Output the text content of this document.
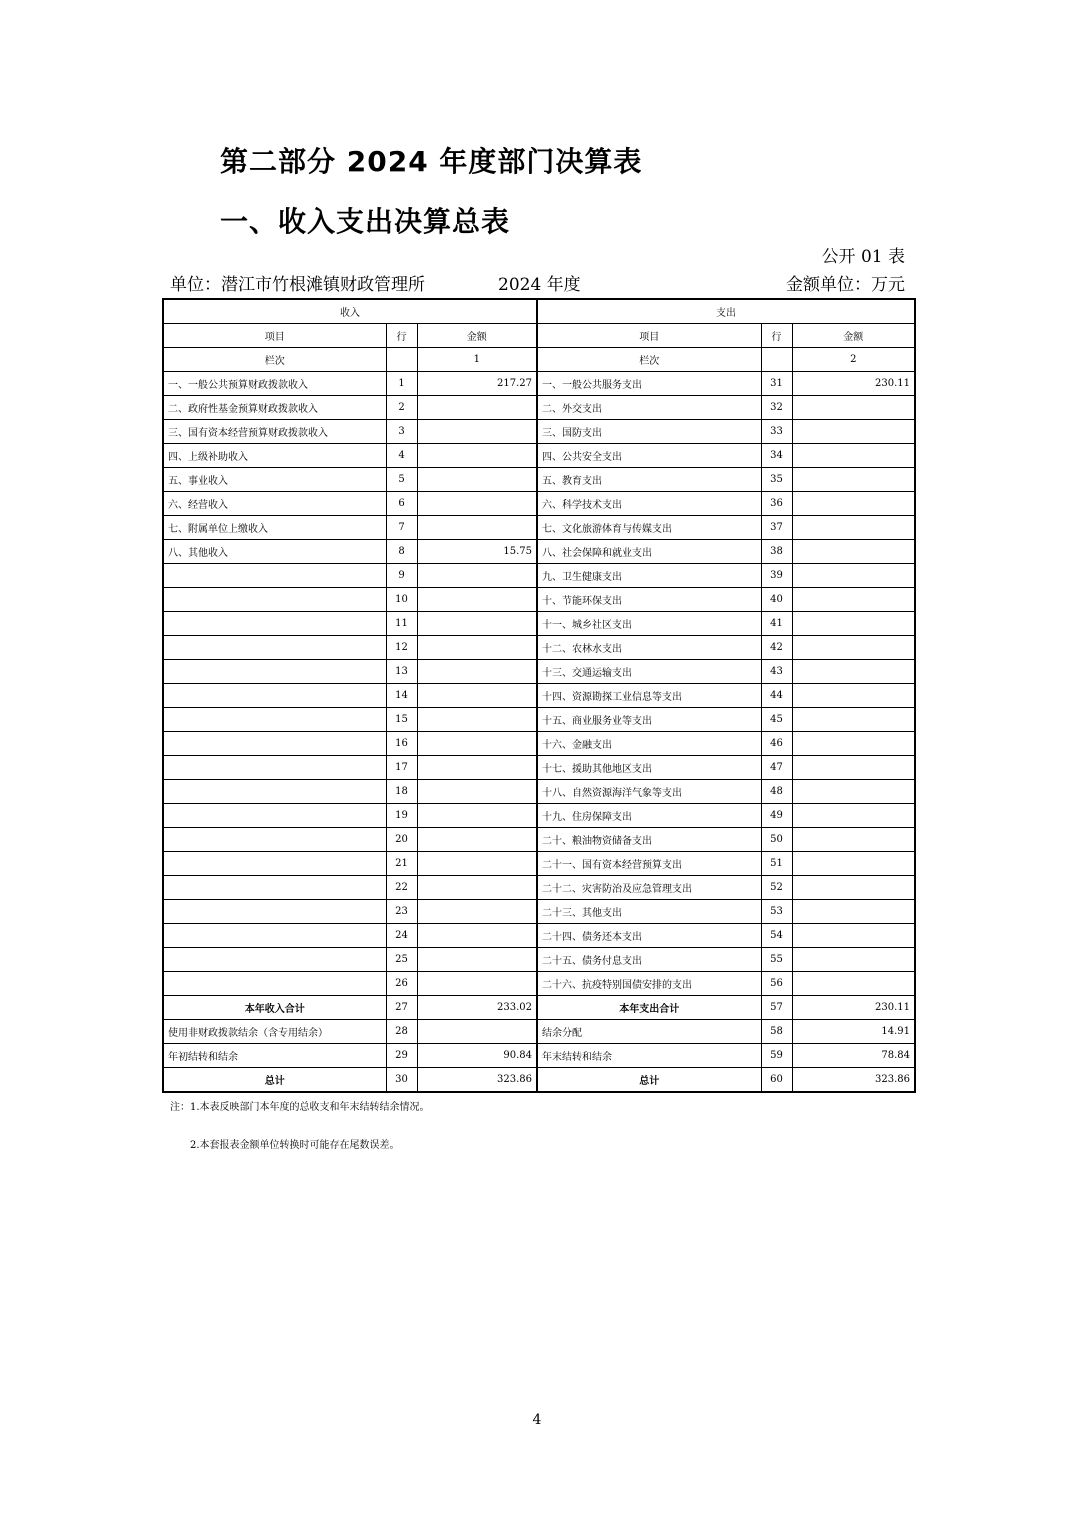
第二部分 2024 年度部门决算表
一、收入支出决算总表
公开 01 表
单位：潜江市竹根滩镇财政管理所	2024 年度	金额单位：万元
收入			支出		
项目	行	金额	项目	行	金额
栏次		1	栏次		2
一、一般公共预算财政拨款收入	1	217.27	一、一般公共服务支出	31	230.11
二、政府性基金预算财政拨款收入	2		二、外交支出	32	
三、国有资本经营预算财政拨款收入	3		三、国防支出	33	
四、上级补助收入	4		四、公共安全支出	34	
五、事业收入	5		五、教育支出	35	
六、经营收入	6		六、科学技术支出	36	
七、附属单位上缴收入	7		七、文化旅游体育与传媒支出	37	
八、其他收入	8	15.75	八、社会保障和就业支出	38	
	9		九、卫生健康支出	39	
	10		十、节能环保支出	40	
	11		十一、城乡社区支出	41	
	12		十二、农林水支出	42	
	13		十三、交通运输支出	43	
	14		十四、资源勘探工业信息等支出	44	
	15		十五、商业服务业等支出	45	
	16		十六、金融支出	46	
	17		十七、援助其他地区支出	47	
	18		十八、自然资源海洋气象等支出	48	
	19		十九、住房保障支出	49	
	20		二十、粮油物资储备支出	50	
	21		二十一、国有资本经营预算支出	51	
	22		二十二、灾害防治及应急管理支出	52	
	23		二十三、其他支出	53	
	24		二十四、债务还本支出	54	
	25		二十五、债务付息支出	55	
	26		二十六、抗疫特别国债安排的支出	56	
本年收入合计	27	233.02	本年支出合计	57	230.11
使用非财政拨款结余（含专用结余）	28		结余分配	58	14.91
年初结转和结余	29	90.84	年末结转和结余	59	78.84
总计	30	323.86	总计	60	323.86
注：1.本表反映部门本年度的总收支和年末结转结余情况。
2.本套报表金额单位转换时可能存在尾数误差。
4
